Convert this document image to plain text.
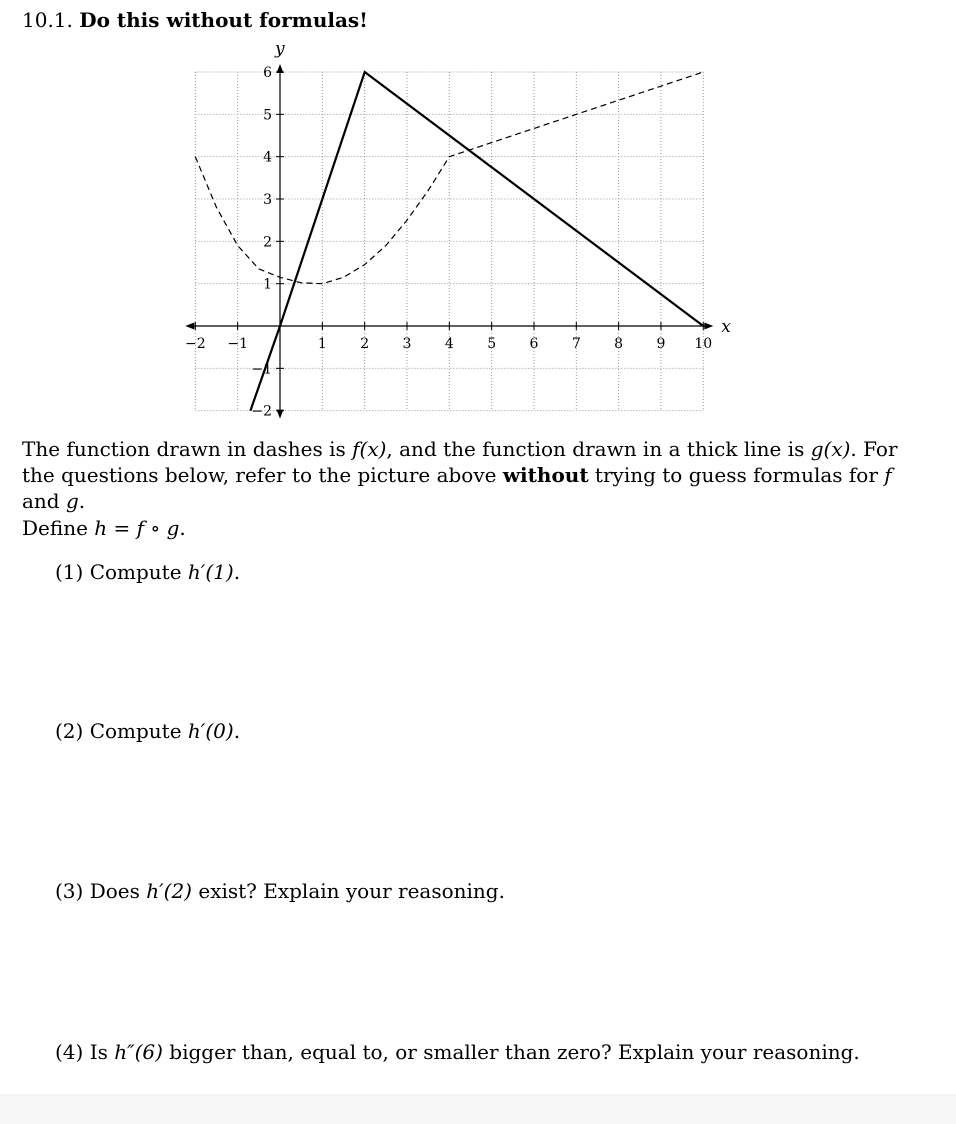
10.1. Do this without formulas!
x
y
−2 −1	1 2 3 4 5 6 7 8 9 10
−2
−1
1
2
3
4
5
6
The function drawn in dashes is f(x), and the function drawn in a thick line is g(x). For the questions below, refer to the picture above without trying to guess formulas for f and g.
Define h = f ∘ g.
(1) Compute h′(1).
(2) Compute h′(0).
(3) Does h′(2) exist? Explain your reasoning.
(4) Is h″(6) bigger than, equal to, or smaller than zero? Explain your reasoning.
